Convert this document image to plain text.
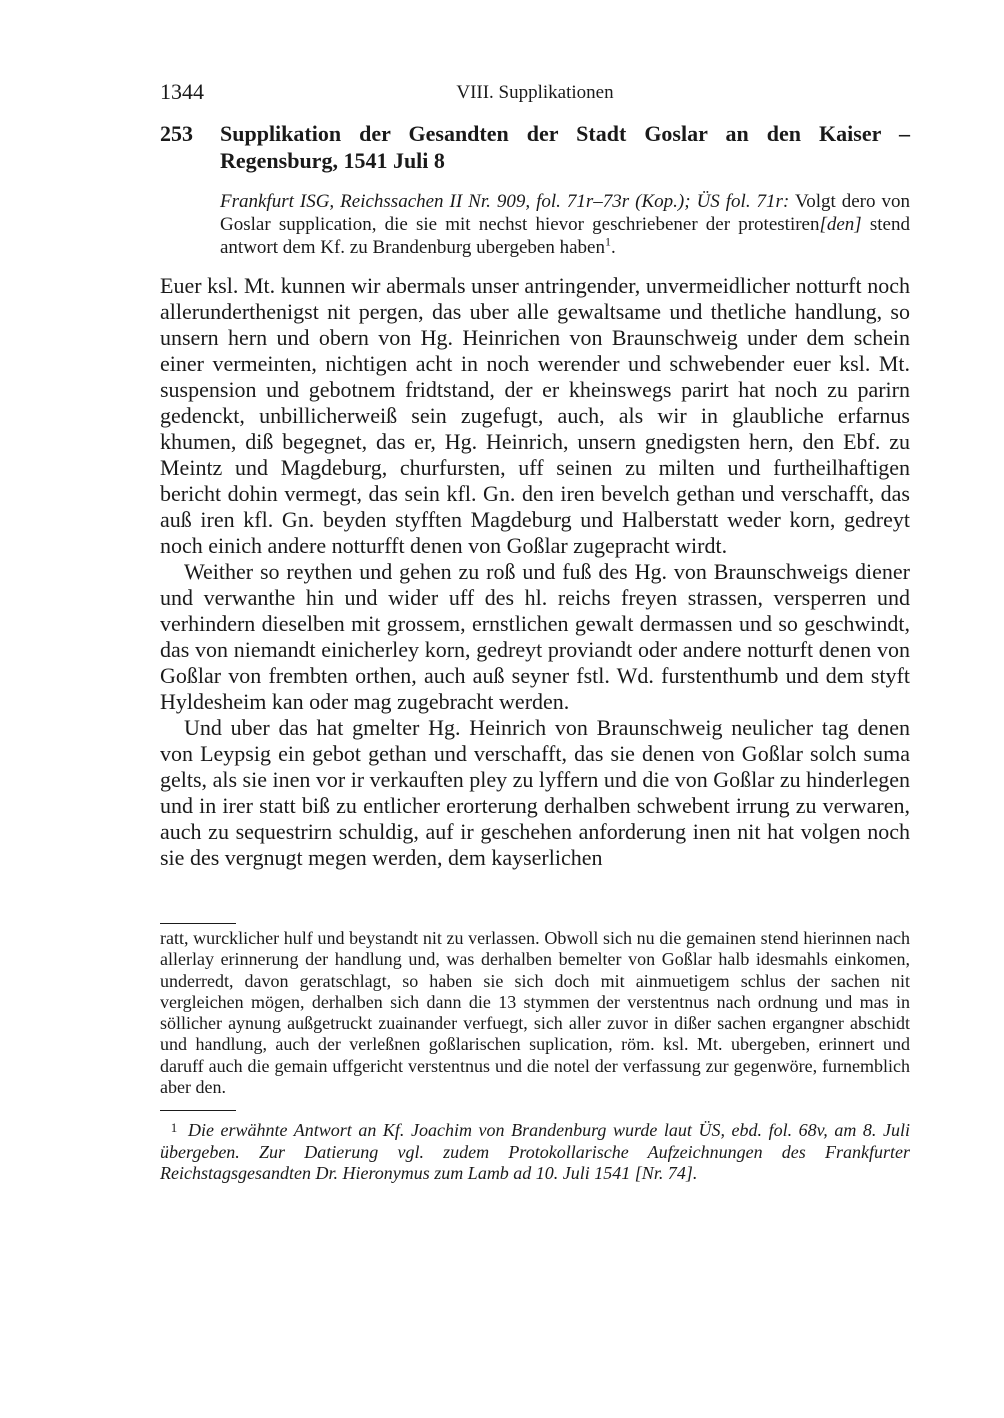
1344	VIII. Supplikationen
253	Supplikation der Gesandten der Stadt Goslar an den Kaiser – Regensburg, 1541 Juli 8
Frankfurt ISG, Reichssachen II Nr. 909, fol. 71r–73r (Kop.); ÜS fol. 71r: Volgt dero von Goslar supplication, die sie mit nechst hievor geschriebener der protestiren[den] stend antwort dem Kf. zu Brandenburg ubergeben haben$^1$.

Euer ksl. Mt. kunnen wir abermals unser antringender, unvermeidlicher notturft noch allerunderthenigst nit pergen, das uber alle gewaltsame und thetliche handlung, so unsern hern und obern von Hg. Heinrichen von Braunschweig under dem schein einer vermeinten, nichtigen acht in noch werender und schwebender euer ksl. Mt. suspension und gebotnem fridtstand, der er kheinswegs parirt hat noch zu parirn gedenckt, unbillicherweiß sein zugefugt, auch, als wir in glaubliche erfarnus khumen, diß begegnet, das er, Hg. Heinrich, unsern gnedigsten hern, den Ebf. zu Meintz und Magdeburg, churfursten, uff seinen zu milten und furtheilhaftigen bericht dohin vermegt, das sein kfl. Gn. den iren bevelch gethan und verschafft, das auß iren kfl. Gn. beyden styfften Magdeburg und Halberstatt weder korn, gedreyt noch einich andere notturfft denen von Goßlar zugepracht wirdt.

Weither so reythen und gehen zu roß und fuß des Hg. von Braunschweigs diener und verwanthe hin und wider uff des hl. reichs freyen strassen, versperren und verhindern dieselben mit grossem, ernstlichen gewalt dermassen und so geschwindt, das von niemandt einicherley korn, gedreyt proviandt oder andere notturft denen von Goßlar von frembten orthen, auch auß seyner fstl. Wd. furstenthumb und dem styft Hyldesheim kan oder mag zugebracht werden.

Und uber das hat gmelter Hg. Heinrich von Braunschweig neulicher tag denen von Leypsig ein gebot gethan und verschafft, das sie denen von Goßlar solch suma gelts, als sie inen vor ir verkauften pley zu lyffern und die von Goßlar zu hinderlegen und in irer statt biß zu entlicher erorterung derhalben schwebent irrung zu verwaren, auch zu sequestrirn schuldig, auf ir geschehen anforderung inen nit hat volgen noch sie des vergnugt megen werden, dem kayserlichen

ratt, wurcklicher hulf und beystandt nit zu verlassen. Obwoll sich nu die gemainen stend hierinnen nach allerlay erinnerung der handlung und, was derhalben bemelter von Goßlar halb idesmahls einkomen, underredt, davon geratschlagt, so haben sie sich doch mit ainmuetigem schlus der sachen nit vergleichen mögen, derhalben sich dann die 13 stymmen der verstentnus nach ordnung und mas in söllicher aynung außgetruckt zuainander verfuegt, sich aller zuvor in dißer sachen ergangner abschidt und handlung, auch der verleßnen goßlarischen suplication, röm. ksl. Mt. ubergeben, erinnert und daruff auch die gemain uffgericht verstentnus und die notel der verfassung zur gegenwöre, furnemblich aber den.
1 Die erwähnte Antwort an Kf. Joachim von Brandenburg wurde laut ÜS, ebd. fol. 68v, am 8. Juli übergeben. Zur Datierung vgl. zudem Protokollarische Aufzeichnungen des Frankfurter Reichstagsgesandten Dr. Hieronymus zum Lamb ad 10. Juli 1541 [Nr. 74].
